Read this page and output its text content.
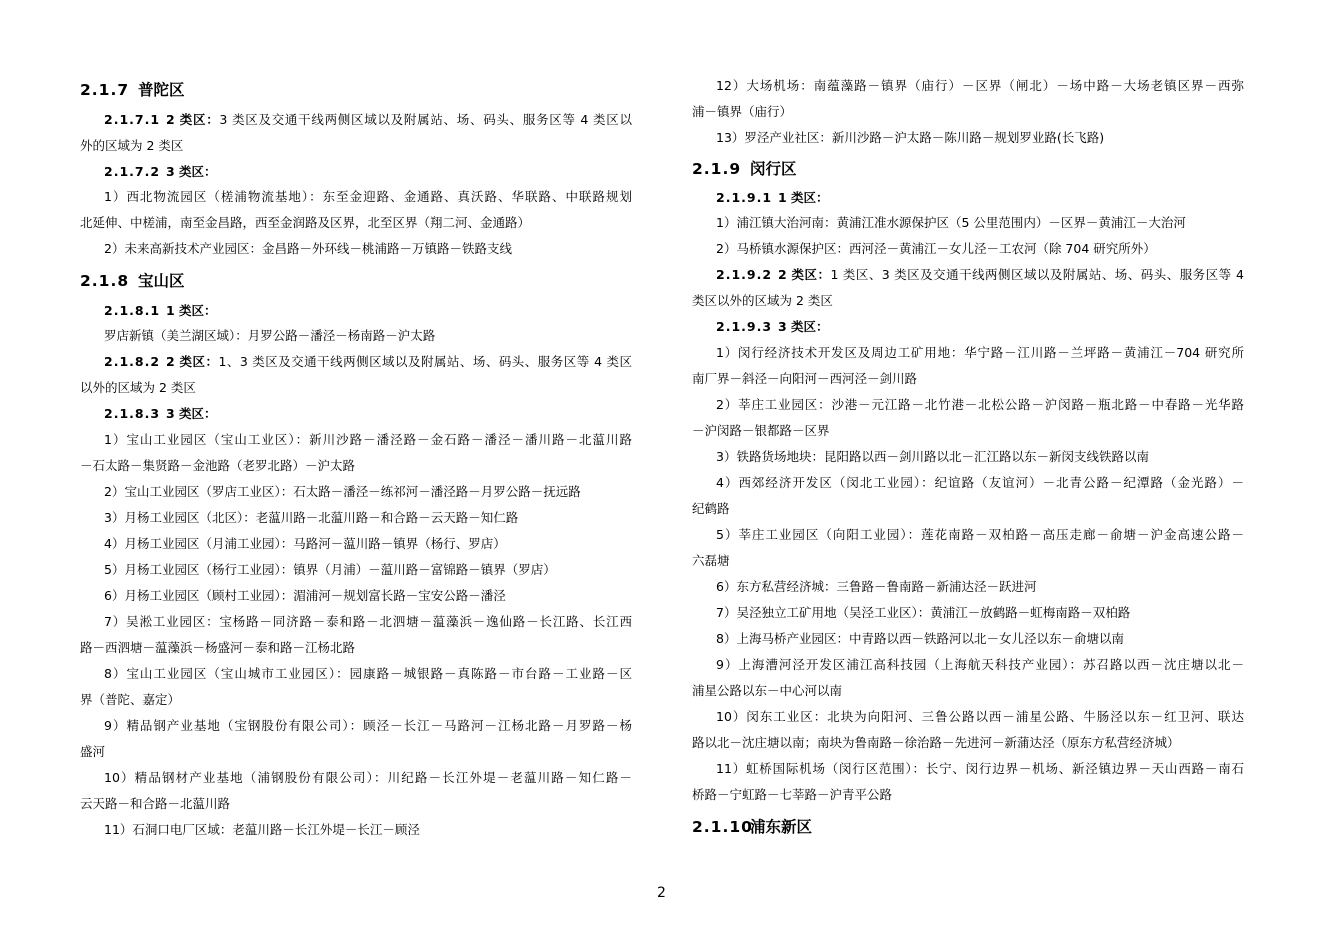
2.1.7 普陀区
2.1.7.1 2 类区：3 类区及交通干线两侧区域以及附属站、场、码头、服务区等 4 类区以
外的区域为 2 类区
2.1.7.2 3 类区：
1）西北物流园区（槎浦物流基地）：东至金迎路、金通路、真沃路、华联路、中联路规划
北延伸、中槎浦，南至金昌路，西至金润路及区界，北至区界（翔二河、金通路）
2）未来高新技术产业园区：金昌路－外环线－桃浦路－万镇路－铁路支线
2.1.8 宝山区
2.1.8.1 1 类区：
罗店新镇（美兰湖区域）：月罗公路－潘泾－杨南路－沪太路
2.1.8.2 2 类区：1、3 类区及交通干线两侧区域以及附属站、场、码头、服务区等 4 类区
以外的区域为 2 类区
2.1.8.3 3 类区：
1）宝山工业园区（宝山工业区）：新川沙路－潘泾路－金石路－潘泾－潘川路－北蕰川路
－石太路－集贤路－金池路（老罗北路）－沪太路
2）宝山工业园区（罗店工业区）：石太路－潘泾－练祁河－潘泾路－月罗公路－抚远路
3）月杨工业园区（北区）：老蕰川路－北蕰川路－和合路－云天路－知仁路
4）月杨工业园区（月浦工业园）：马路河－蕰川路－镇界（杨行、罗店）
5）月杨工业园区（杨行工业园）：镇界（月浦）－蕰川路－富锦路－镇界（罗店）
6）月杨工业园区（顾村工业园）：湄浦河－规划富长路－宝安公路－潘泾
7）吴淞工业园区：宝杨路－同济路－泰和路－北泗塘－蕰藻浜－逸仙路－长江路、长江西
路－西泗塘－蕰藻浜－杨盛河－泰和路－江杨北路
8）宝山工业园区（宝山城市工业园区）：园康路－城银路－真陈路－市台路－工业路－区
界（普陀、嘉定）
9）精品钢产业基地（宝钢股份有限公司）：顾泾－长江－马路河－江杨北路－月罗路－杨
盛河
10）精品钢材产业基地（浦钢股份有限公司）：川纪路－长江外堤－老蕰川路－知仁路－
云天路－和合路－北蕰川路
11）石洞口电厂区域：老蕰川路－长江外堤－长江－顾泾
12）大场机场：南蕴藻路－镇界（庙行）－区界（闸北）－场中路－大场老镇区界－西弥
浦－镇界（庙行）
13）罗泾产业社区：新川沙路－沪太路－陈川路－规划罗业路(长飞路)
2.1.9 闵行区
2.1.9.1 1 类区：
1）浦江镇大治河南：黄浦江准水源保护区（5 公里范围内）－区界－黄浦江－大治河
2）马桥镇水源保护区：西河泾－黄浦江－女儿泾－工农河（除 704 研究所外）
2.1.9.2 2 类区：1 类区、3 类区及交通干线两侧区域以及附属站、场、码头、服务区等 4
类区以外的区域为 2 类区
2.1.9.3 3 类区：
1）闵行经济技术开发区及周边工矿用地：华宁路－江川路－兰坪路－黄浦江－704 研究所
南厂界－斜泾－向阳河－西河泾－剑川路
2）莘庄工业园区：沙港－元江路－北竹港－北松公路－沪闵路－瓶北路－中春路－光华路
－沪闵路－银都路－区界
3）铁路货场地块：昆阳路以西－剑川路以北－汇江路以东－新闵支线铁路以南
4）西郊经济开发区（闵北工业园）：纪谊路（友谊河）－北青公路－纪潭路（金光路）－
纪鹤路
5）莘庄工业园区（向阳工业园）：莲花南路－双柏路－高压走廊－俞塘－沪金高速公路－
六磊塘
6）东方私营经济城：三鲁路－鲁南路－新浦达泾－跃进河
7）吴泾独立工矿用地（吴泾工业区）：黄浦江－放鹤路－虹梅南路－双柏路
8）上海马桥产业园区：中青路以西－铁路河以北－女儿泾以东－俞塘以南
9）上海漕河泾开发区浦江高科技园（上海航天科技产业园）：苏召路以西－沈庄塘以北－
浦星公路以东－中心河以南
10）闵东工业区：北块为向阳河、三鲁公路以西－浦星公路、牛肠泾以东－红卫河、联达
路以北－沈庄塘以南；南块为鲁南路－徐治路－先进河－新蒲达泾（原东方私营经济城）
11）虹桥国际机场（闵行区范围）：长宁、闵行边界－机场、新泾镇边界－天山西路－南石
桥路－宁虹路－七莘路－沪青平公路
2.1.10浦东新区
2
